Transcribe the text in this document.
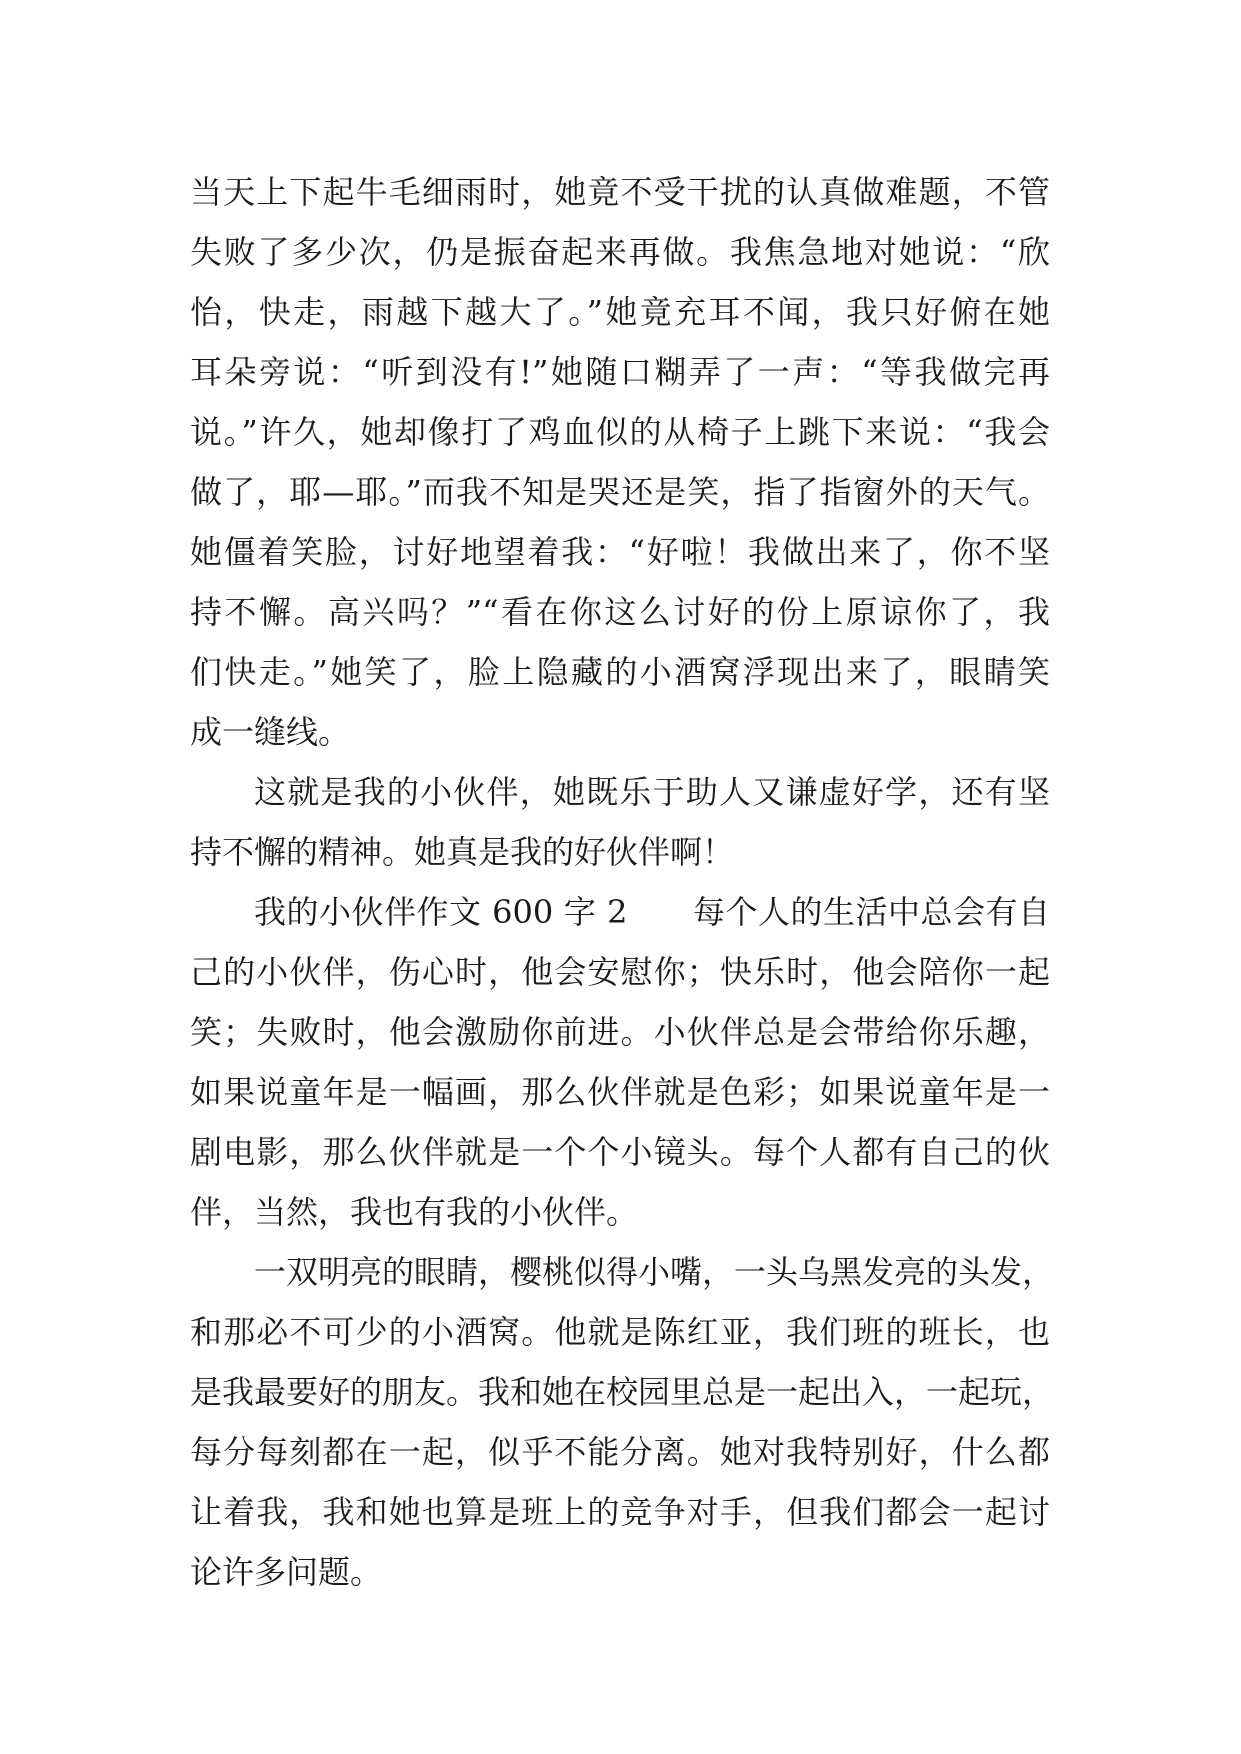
当天上下起牛毛细雨时，她竟不受干扰的认真做难题，不管
失败了多少次，仍是振奋起来再做。我焦急地对她说：“欣
怡，快走，雨越下越大了。”她竟充耳不闻，我只好俯在她
耳朵旁说：“听到没有!”她随口糊弄了一声：“等我做完再
说。”许久，她却像打了鸡血似的从椅子上跳下来说：“我会
做了，耶—耶。”而我不知是哭还是笑，指了指窗外的天气。
她僵着笑脸，讨好地望着我：“好啦！我做出来了，你不坚
持不懈。高兴吗？”“看在你这么讨好的份上原谅你了，我
们快走。”她笑了，脸上隐藏的小酒窝浮现出来了，眼睛笑
成一缝线。
这就是我的小伙伴，她既乐于助人又谦虚好学，还有坚
持不懈的精神。她真是我的好伙伴啊！
我的小伙伴作文 600 字 2　　每个人的生活中总会有自
己的小伙伴，伤心时，他会安慰你；快乐时，他会陪你一起
笑；失败时，他会激励你前进。小伙伴总是会带给你乐趣，
如果说童年是一幅画，那么伙伴就是色彩；如果说童年是一
剧电影，那么伙伴就是一个个小镜头。每个人都有自己的伙
伴，当然，我也有我的小伙伴。
一双明亮的眼睛，樱桃似得小嘴，一头乌黑发亮的头发，
和那必不可少的小酒窝。他就是陈红亚，我们班的班长，也
是我最要好的朋友。我和她在校园里总是一起出入，一起玩，
每分每刻都在一起，似乎不能分离。她对我特别好，什么都
让着我，我和她也算是班上的竞争对手，但我们都会一起讨
论许多问题。
